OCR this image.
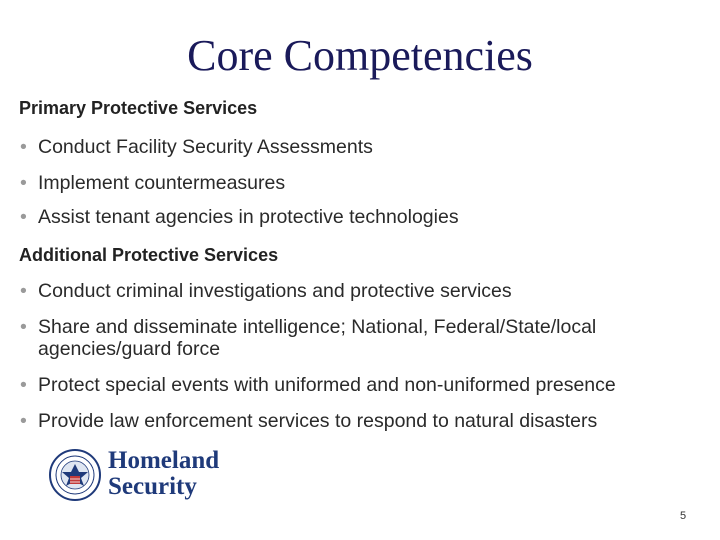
Core Competencies
Primary Protective Services
• Conduct Facility Security Assessments
• Implement countermeasures
• Assist tenant agencies in protective technologies
Additional Protective Services
• Conduct criminal investigations and protective services
• Share and disseminate intelligence; National, Federal/State/local agencies/guard force
• Protect special events with uniformed and non-uniformed presence
• Provide law enforcement services to respond to natural disasters
Homeland
Security
5
